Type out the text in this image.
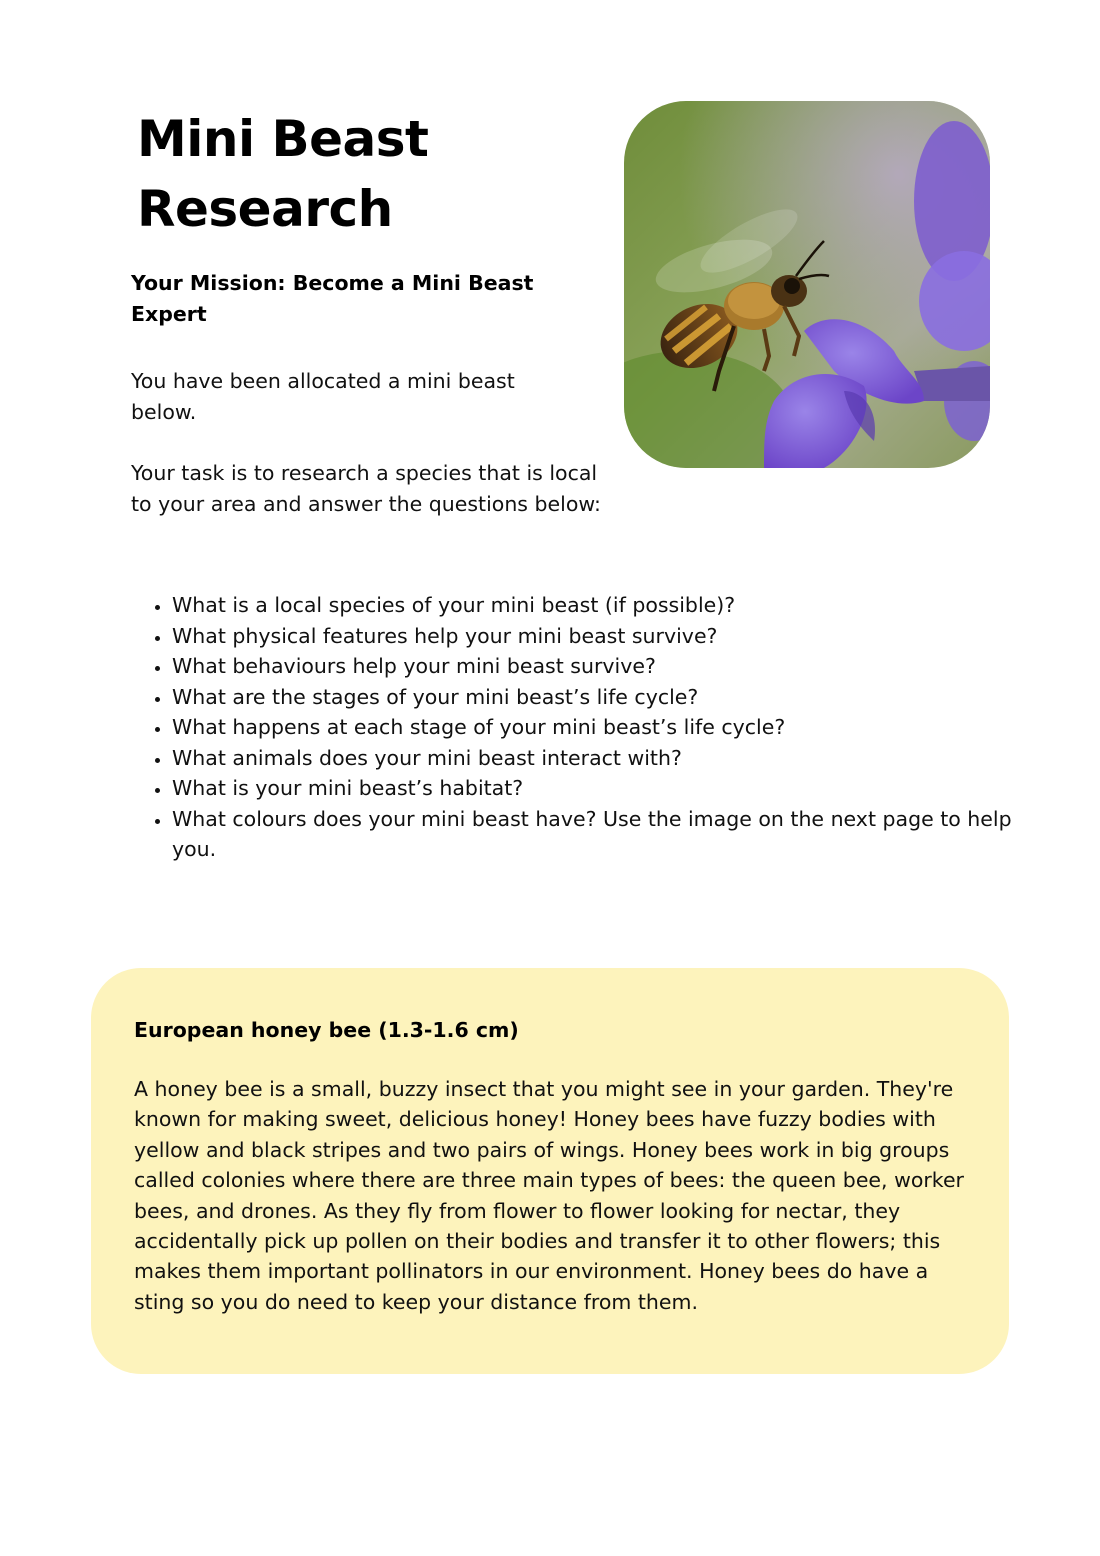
Mini Beast Research

Your Mission: Become a Mini Beast Expert

You have been allocated a mini beast below.

Your task is to research a species that is local to your area and answer the questions below:

• What is a local species of your mini beast (if possible)?
• What physical features help your mini beast survive?
• What behaviours help your mini beast survive?
• What are the stages of your mini beast’s life cycle?
• What happens at each stage of your mini beast’s life cycle?
• What animals does your mini beast interact with?
• What is your mini beast’s habitat?
• What colours does your mini beast have? Use the image on the next page to help you.

European honey bee (1.3-1.6 cm)

A honey bee is a small, buzzy insect that you might see in your garden. They're known for making sweet, delicious honey! Honey bees have fuzzy bodies with yellow and black stripes and two pairs of wings. Honey bees work in big groups called colonies where there are three main types of bees: the queen bee, worker bees, and drones. As they fly from flower to flower looking for nectar, they accidentally pick up pollen on their bodies and transfer it to other flowers; this makes them important pollinators in our environment. Honey bees do have a sting so you do need to keep your distance from them.
